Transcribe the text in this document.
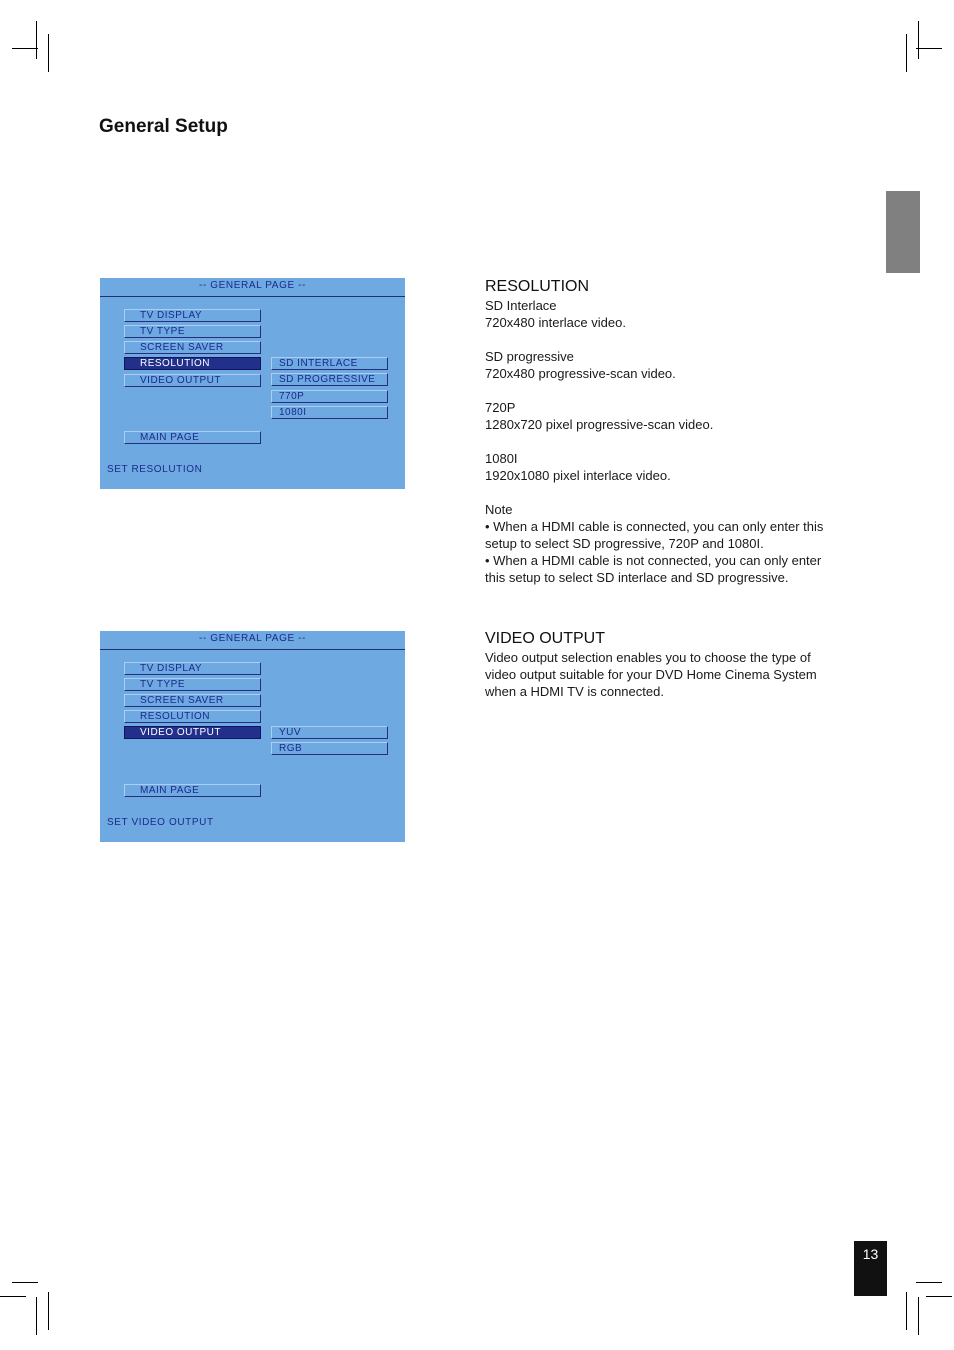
General Setup
13
-- GENERAL PAGE --
TV DISPLAY
TV TYPE
SCREEN SAVER
RESOLUTION
VIDEO OUTPUT
SD INTERLACE
SD PROGRESSIVE
770P
1080I
MAIN PAGE
SET RESOLUTION
-- GENERAL PAGE --
TV DISPLAY
TV TYPE
SCREEN SAVER
RESOLUTION
VIDEO OUTPUT	YUV
RGB
MAIN PAGE
SET VIDEO OUTPUT
RESOLUTION

SD Interlace

720x480 interlace video.

SD progressive

720x480 progressive-scan video.

720P

1280x720 pixel progressive-scan video.

1080I

1920x1080 pixel interlace video.

Note

• When a HDMI cable is connected, you can only enter this setup to select SD progressive, 720P and 1080I.

• When a HDMI cable is not connected, you can only enter this setup to select SD interlace and SD progressive.

VIDEO OUTPUT

Video output selection enables you to choose the type of video output suitable for your DVD Home Cinema System when a HDMI TV is connected.
